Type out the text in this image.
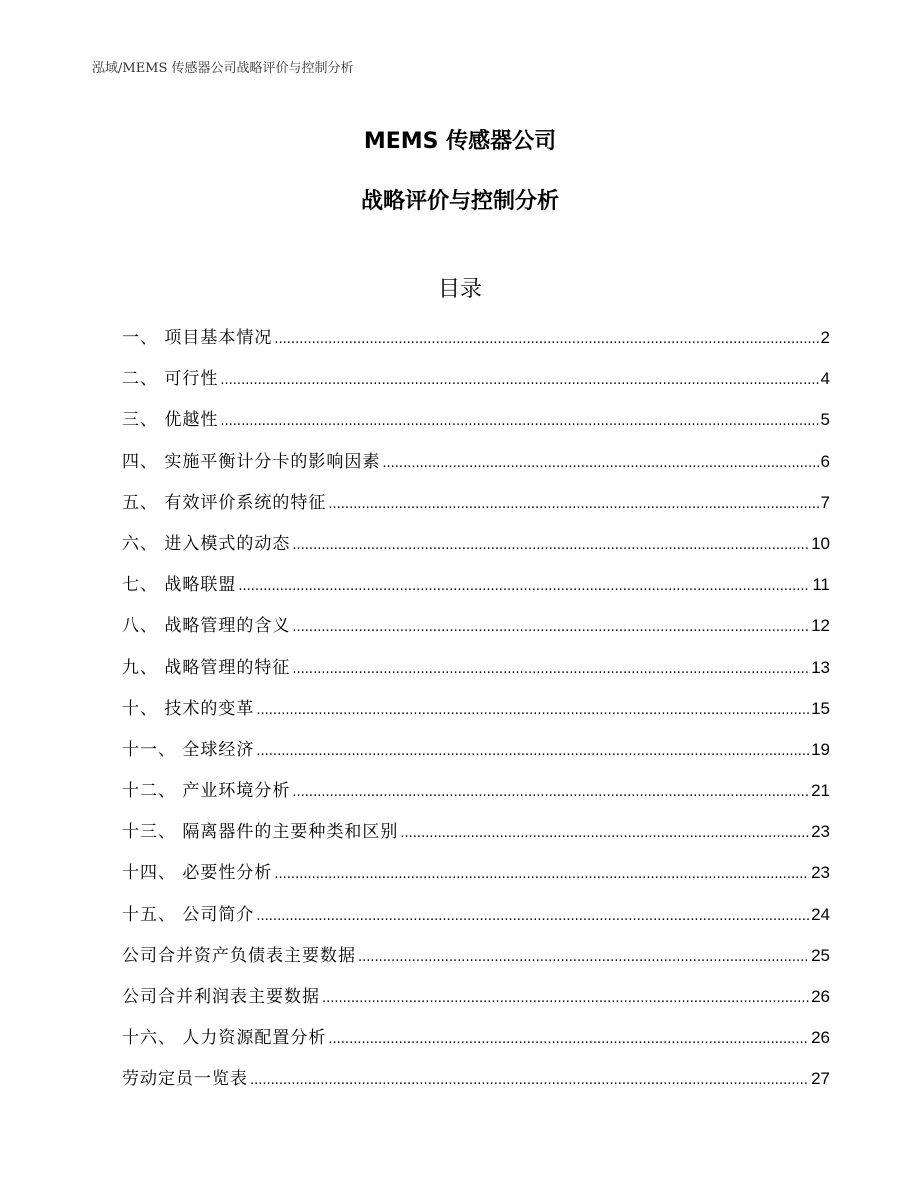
泓域/MEMS 传感器公司战略评价与控制分析
MEMS 传感器公司
战略评价与控制分析
目录
一、 项目基本情况 .....	2
二、 可行性 .....	4
三、 优越性 .....	5
四、 实施平衡计分卡的影响因素 .....	6
五、 有效评价系统的特征 .....	7
六、 进入模式的动态 .....	10
七、 战略联盟 .....	11
八、 战略管理的含义 .....	12
九、 战略管理的特征 .....	13
十、 技术的变革 .....	15
十一、 全球经济 .....	19
十二、 产业环境分析 .....	21
十三、 隔离器件的主要种类和区别 .....	23
十四、 必要性分析 .....	23
十五、 公司简介 .....	24
公司合并资产负债表主要数据 .....	25
公司合并利润表主要数据 .....	26
十六、 人力资源配置分析 .....	26
劳动定员一览表 .....	27
